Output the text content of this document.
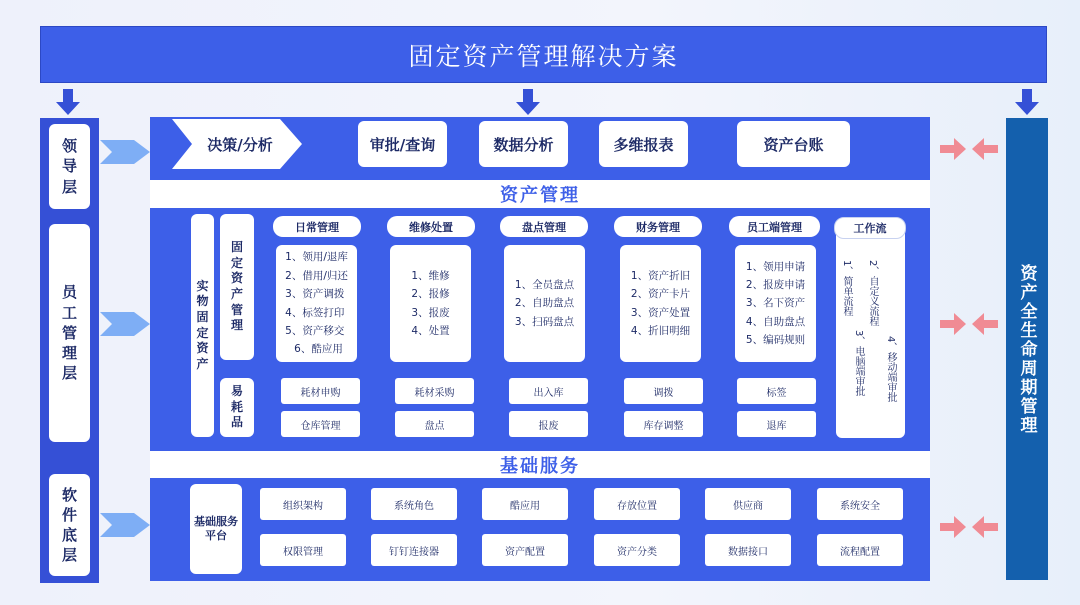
固定资产管理解决方案
领导层
员工管理层
软件底层
资产全生命周期管理
决策/分析	审批/查询	数据分析	多维报表	资产台账
资产管理
实物固定资产
固定资产管理
易耗品
日常管理
1、领用/退库
2、借用/归还
3、资产调拨
4、标签打印
5、资产移交
6、酷应用
耗材申购
仓库管理
维修处置
1、维修
2、报修
3、报废
4、处置
耗材采购
盘点
盘点管理
1、全员盘点
2、自助盘点
3、扫码盘点
出入库
报废
财务管理
1、资产折旧
2、资产卡片
3、资产处置
4、折旧明细
调拨
库存调整
员工端管理
1、领用申请
2、报废申请
3、名下资产
4、自助盘点
5、编码规则
标签
退库
工作流
1、简单流程 2、自定义流程
3、电脑端审批 4、移动端审批
基础服务
基础服务平台
组织架构	系统角色	酷应用	存放位置	供应商	系统安全
权限管理	钉钉连接器	资产配置	资产分类	数据接口	流程配置
